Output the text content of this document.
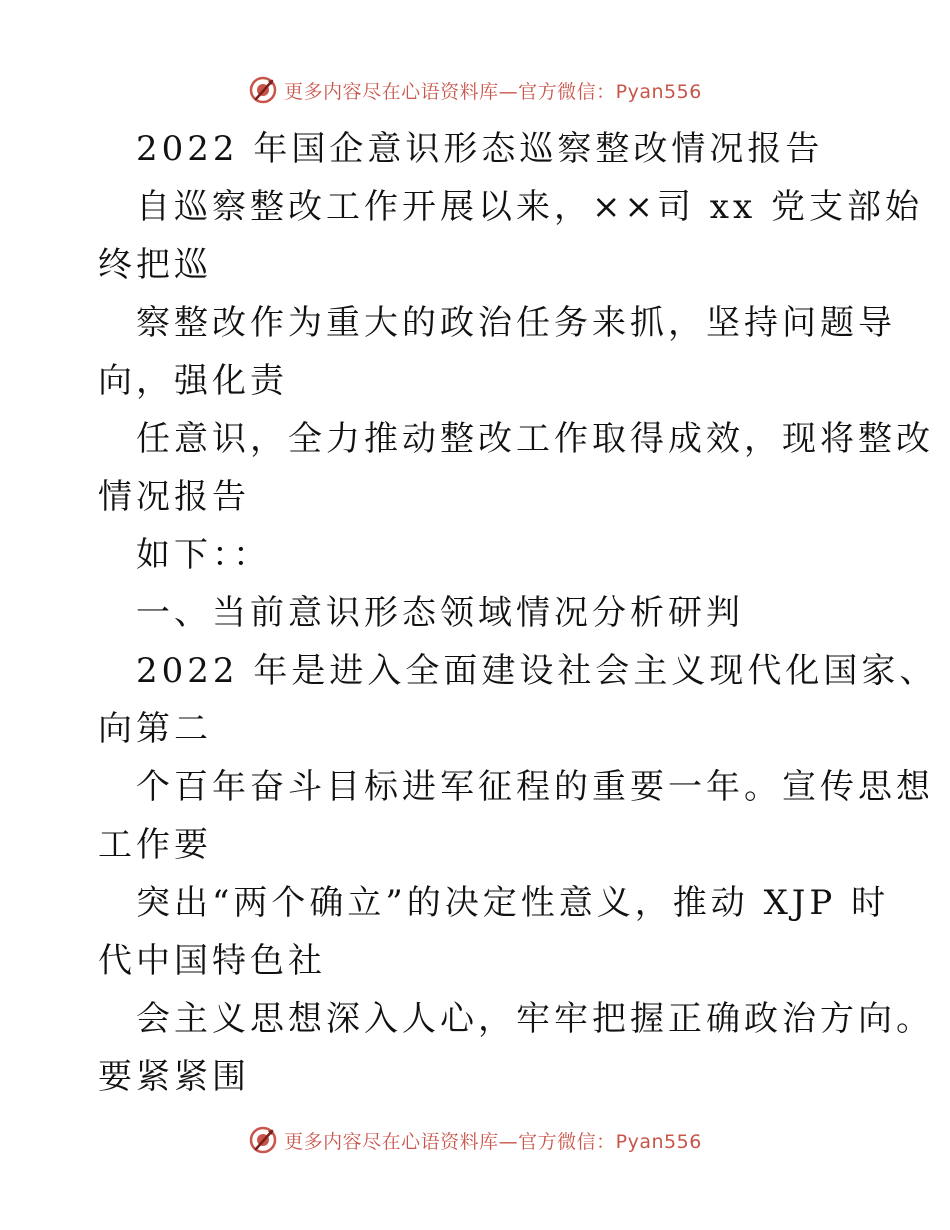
更多内容尽在心语资料库—官方微信：Pyan556
2022 年国企意识形态巡察整改情况报告
自巡察整改工作开展以来，××司 xx 党支部始
终把巡
察整改作为重大的政治任务来抓，坚持问题导
向，强化责
任意识，全力推动整改工作取得成效，现将整改
情况报告
如下：：
一、当前意识形态领域情况分析研判
2022 年是进入全面建设社会主义现代化国家、
向第二
个百年奋斗目标进军征程的重要一年。宣传思想
工作要
突出“两个确立”的决定性意义，推动 XJP 时
代中国特色社
会主义思想深入人心，牢牢把握正确政治方向。
要紧紧围
更多内容尽在心语资料库—官方微信：Pyan556
